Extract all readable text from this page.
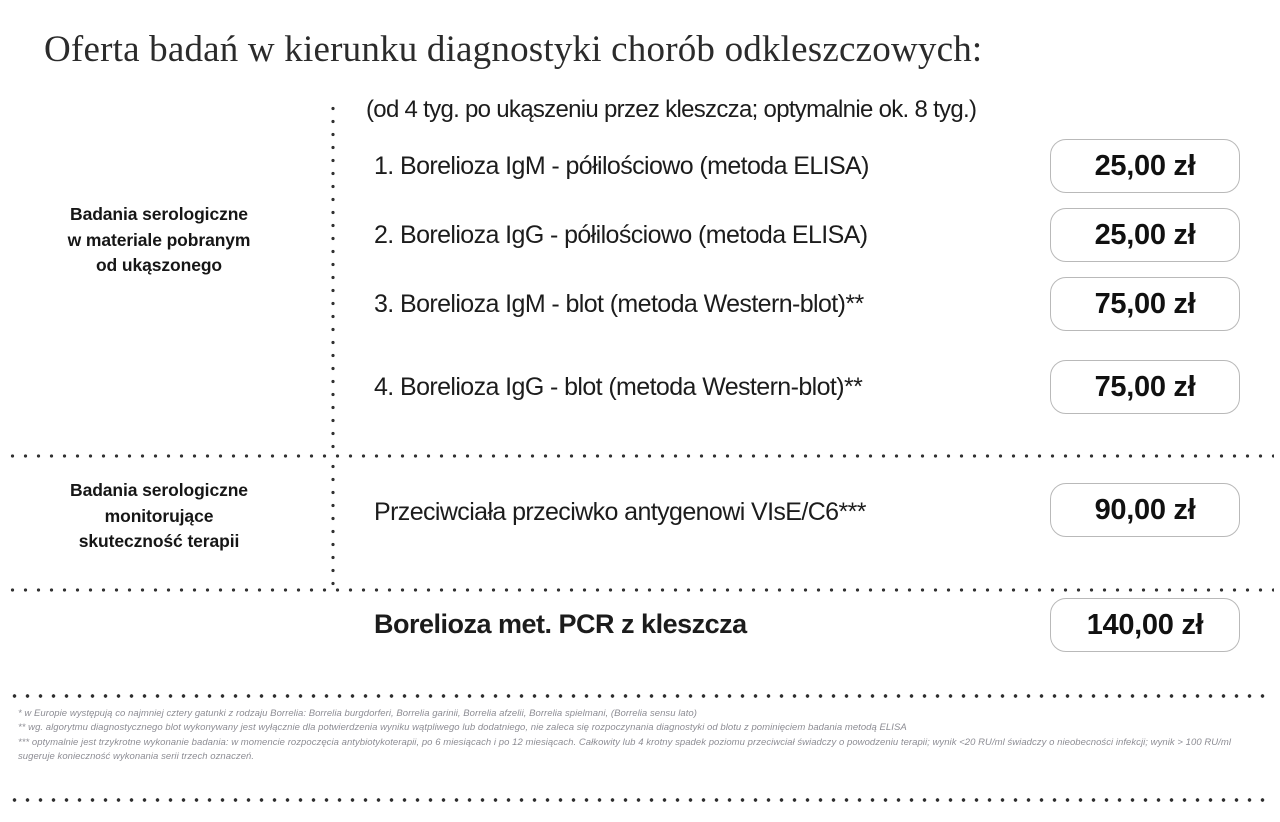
Oferta badań w kierunku diagnostyki chorób odkleszczowych:
Badania serologiczne
w materiale pobranym
od ukąszonego
(od 4 tyg. po ukąszeniu przez kleszcza; optymalnie ok. 8 tyg.)
1. Borelioza IgM - półilościowo (metoda ELISA)	25,00 zł
2. Borelioza IgG - półilościowo (metoda ELISA)	25,00 zł
3. Borelioza IgM - blot (metoda Western-blot)**	75,00 zł
4. Borelioza IgG - blot (metoda Western-blot)**	75,00 zł
Badania serologiczne
monitorujące
skuteczność terapii
Przeciwciała przeciwko antygenowi VIsE/C6***	90,00 zł
Borelioza met. PCR z kleszcza	140,00 zł
* w Europie występują co najmniej cztery gatunki z rodzaju Borrelia: Borrelia burgdorferi, Borrelia garinii, Borrelia afzelii, Borrelia spielmani, (Borrelia sensu lato)
** wg. algorytmu diagnostycznego blot wykonywany jest wyłącznie dla potwierdzenia wyniku wątpliwego lub dodatniego, nie zaleca się rozpoczynania diagnostyki od blotu z pominięciem badania metodą ELISA
*** optymalnie jest trzykrotne wykonanie badania: w momencie rozpoczęcia antybiotykoterapii, po 6 miesiącach i po 12 miesiącach. Całkowity lub 4 krotny spadek poziomu przeciwciał świadczy o powodzeniu terapii; wynik <20 RU/ml świadczy o nieobecności infekcji; wynik > 100 RU/ml sugeruje konieczność wykonania serii trzech oznaczeń.
